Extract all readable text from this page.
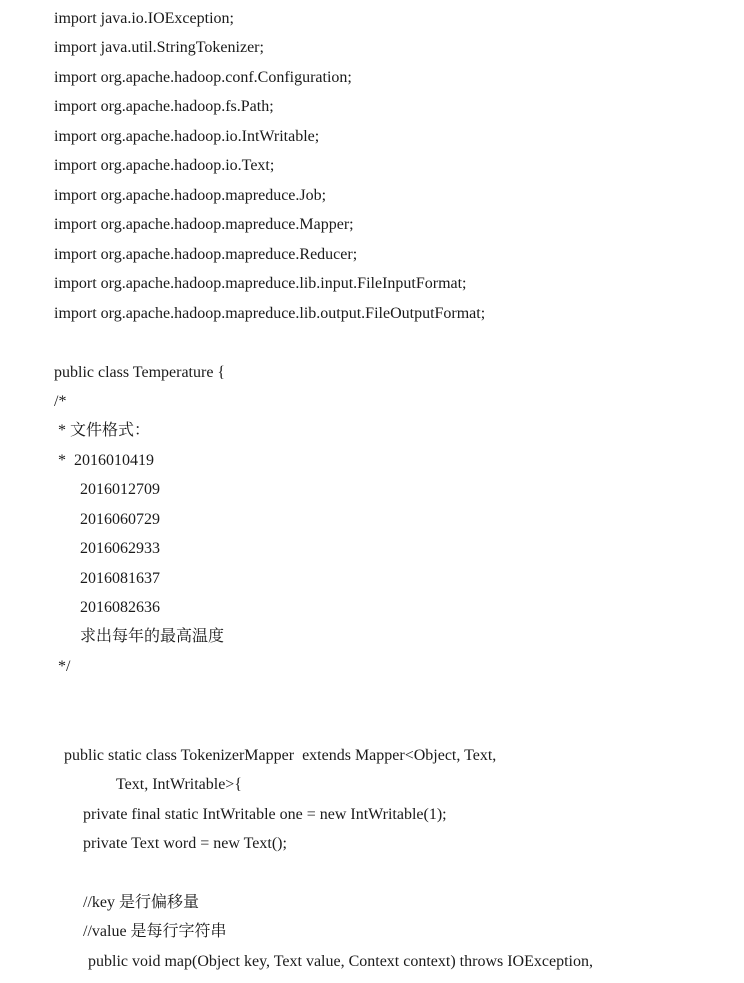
import java.io.IOException;
import java.util.StringTokenizer;
import org.apache.hadoop.conf.Configuration;
import org.apache.hadoop.fs.Path;
import org.apache.hadoop.io.IntWritable;
import org.apache.hadoop.io.Text;
import org.apache.hadoop.mapreduce.Job;
import org.apache.hadoop.mapreduce.Mapper;
import org.apache.hadoop.mapreduce.Reducer;
import org.apache.hadoop.mapreduce.lib.input.FileInputFormat;
import org.apache.hadoop.mapreduce.lib.output.FileOutputFormat;
public class Temperature {
/*
* 文件格式：
*  2016010419
2016012709
2016060729
2016062933
2016081637
2016082636
求出每年的最高温度
*/
public static class TokenizerMapper  extends Mapper<Object, Text,
Text, IntWritable>{
private final static IntWritable one = new IntWritable(1);
private Text word = new Text();
//key 是行偏移量
//value 是每行字符串
public void map(Object key, Text value, Context context) throws IOException,
